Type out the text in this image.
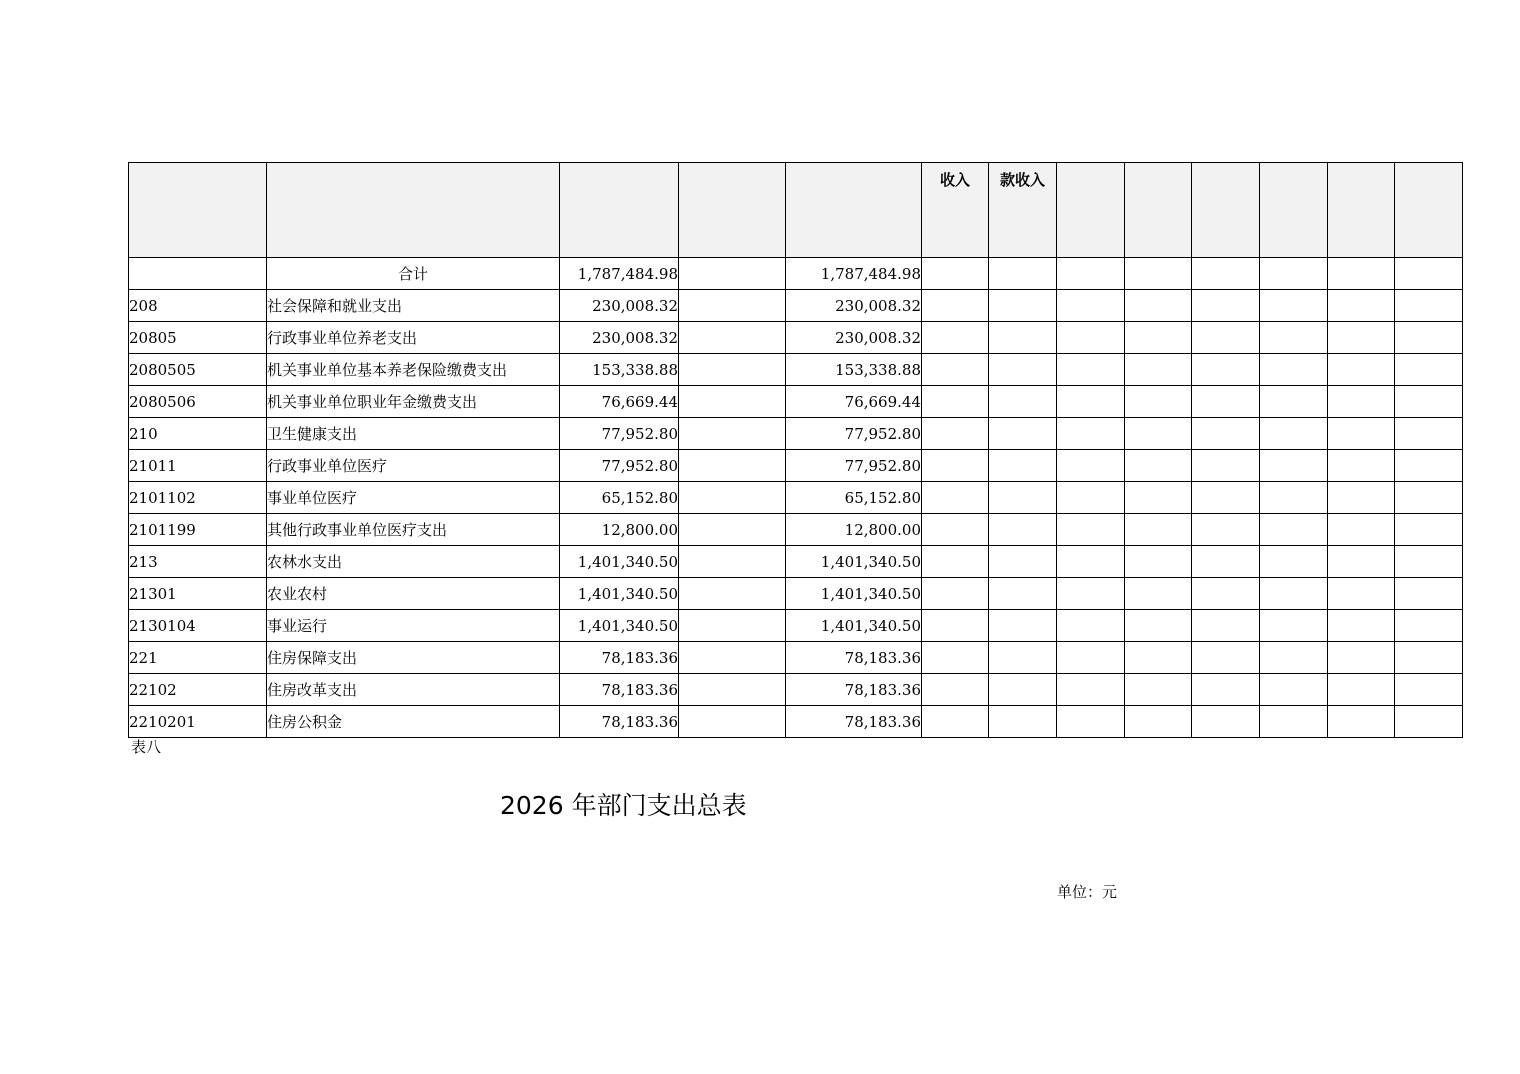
					收入	款收入						
	合计	1,787,484.98		1,787,484.98								
208	社会保障和就业支出	230,008.32		230,008.32								
20805	行政事业单位养老支出	230,008.32		230,008.32								
2080505	机关事业单位基本养老保险缴费支出	153,338.88		153,338.88								
2080506	机关事业单位职业年金缴费支出	76,669.44		76,669.44								
210	卫生健康支出	77,952.80		77,952.80								
21011	行政事业单位医疗	77,952.80		77,952.80								
2101102	事业单位医疗	65,152.80		65,152.80								
2101199	其他行政事业单位医疗支出	12,800.00		12,800.00								
213	农林水支出	1,401,340.50		1,401,340.50								
21301	农业农村	1,401,340.50		1,401,340.50								
2130104	事业运行	1,401,340.50		1,401,340.50								
221	住房保障支出	78,183.36		78,183.36								
22102	住房改革支出	78,183.36		78,183.36								
2210201	住房公积金	78,183.36		78,183.36								
表八
2026 年部门支出总表
单位：元
